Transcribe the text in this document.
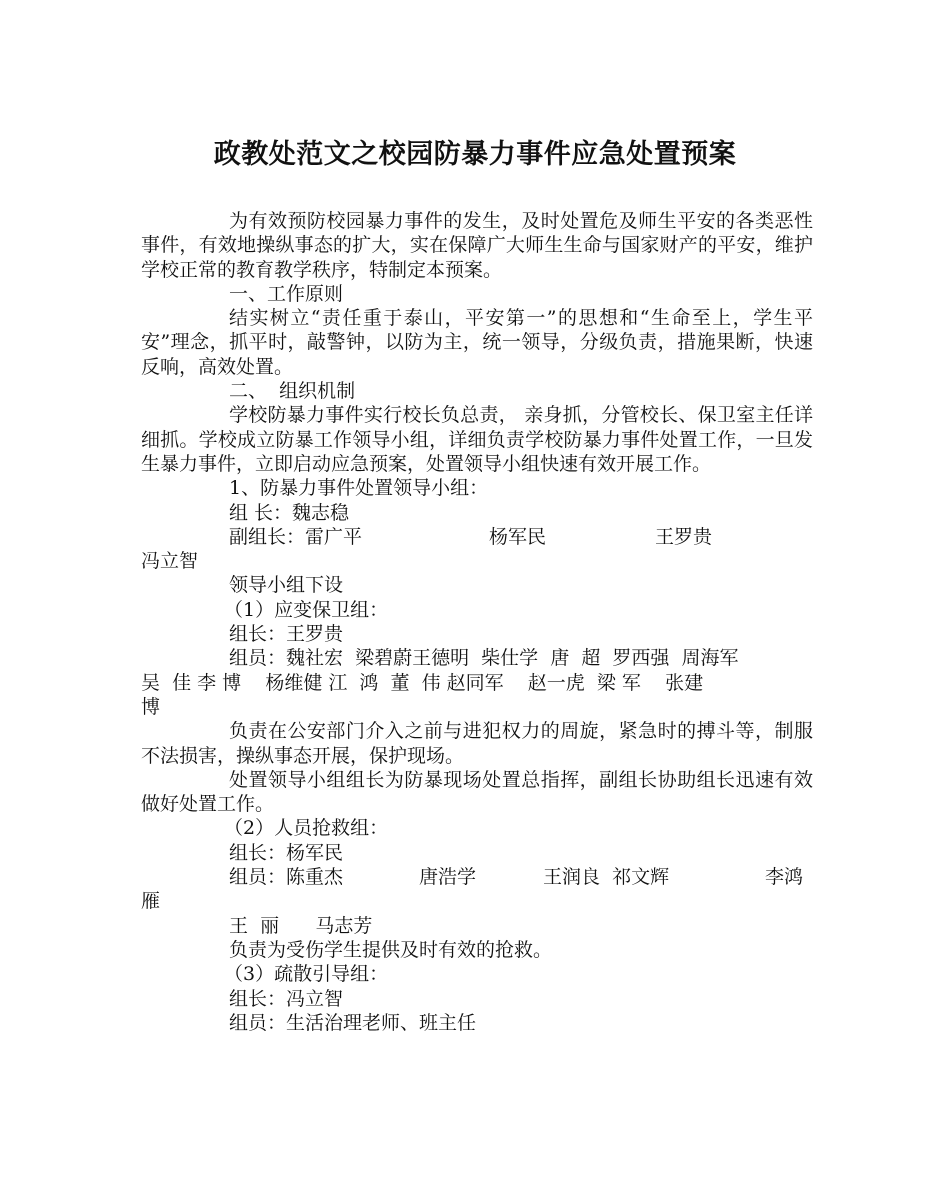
政教处范文之校园防暴力事件应急处置预案

为有效预防校园暴力事件的发生，及时处置危及师生平安的各类恶性事件，有效地操纵事态的扩大，实在保障广大师生生命与国家财产的平安，维护学校正常的教育教学秩序，特制定本预案。

一、工作原则

结实树立“责任重于泰山，平安第一”的思想和“生命至上，学生平安”理念，抓平时，敲警钟，以防为主，统一领导，分级负责，措施果断，快速反响，高效处置。

二、  组织机制

学校防暴力事件实行校长负总责， 亲身抓，分管校长、保卫室主任详细抓。学校成立防暴工作领导小组，详细负责学校防暴力事件处置工作，一旦发生暴力事件，立即启动应急预案，处置领导小组快速有效开展工作。

1、防暴力事件处置领导小组：

组 长：魏志稳

副组长：雷广平	杨军民	王罗贵

冯立智

领导小组下设

（1）应变保卫组：

组长：王罗贵

组员：魏社宏  梁碧蔚王德明  柴仕学  唐  超  罗西强  周海军

吴  佳 李 博    杨维健 江  鸿  董  伟 赵同军    赵一虎  梁 军    张建

博

负责在公安部门介入之前与进犯权力的周旋，紧急时的搏斗等，制服不法损害，操纵事态开展，保护现场。

处置领导小组组长为防暴现场处置总指挥，副组长协助组长迅速有效做好处置工作。

（2）人员抢救组：

组长：杨军民

组员：陈重杰	唐浩学	王润良  祁文辉	李鸿

雁

王  丽      马志芳

负责为受伤学生提供及时有效的抢救。

（3）疏散引导组：

组长：冯立智

组员：生活治理老师、班主任
